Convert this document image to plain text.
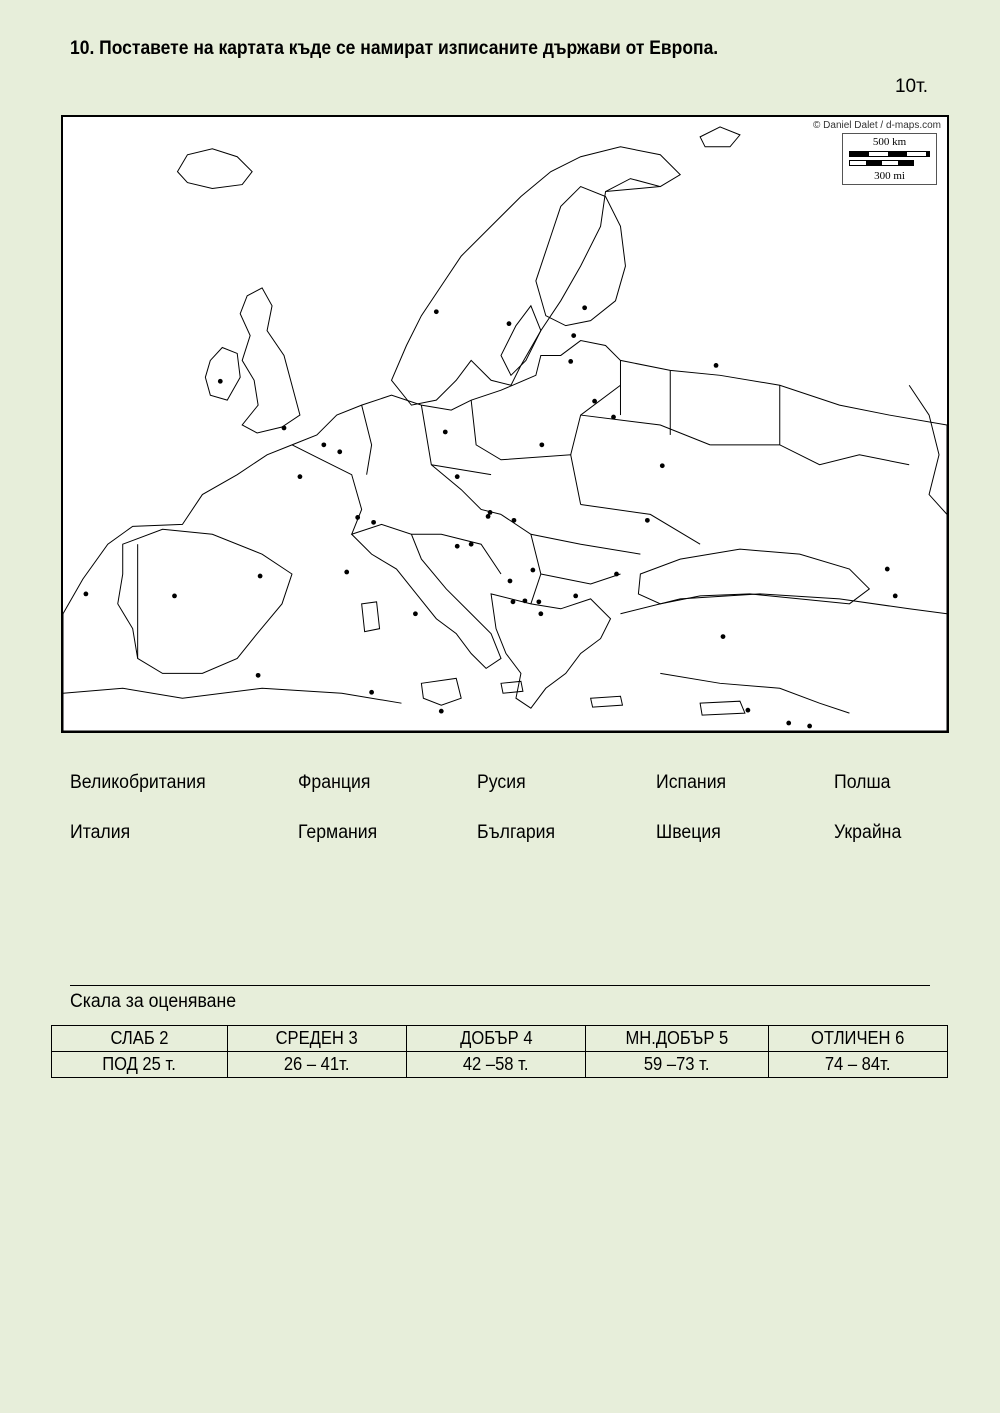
10. Поставете на картата къде се намират изписаните държави от Европа.
10т.
© Daniel Dalet / d-maps.com
500 km
300 mi
Великобритания	Франция	Русия	Испания	Полша
Италия	Германия	България	Швеция	Украйна
Скала за оценяване
СЛАБ 2	СРЕДЕН 3	ДОБЪР 4	МН.ДОБЪР 5	ОТЛИЧЕН 6
ПОД 25 т.	26 – 41т.	42 –58 т.	59 –73 т.	74 – 84т.
